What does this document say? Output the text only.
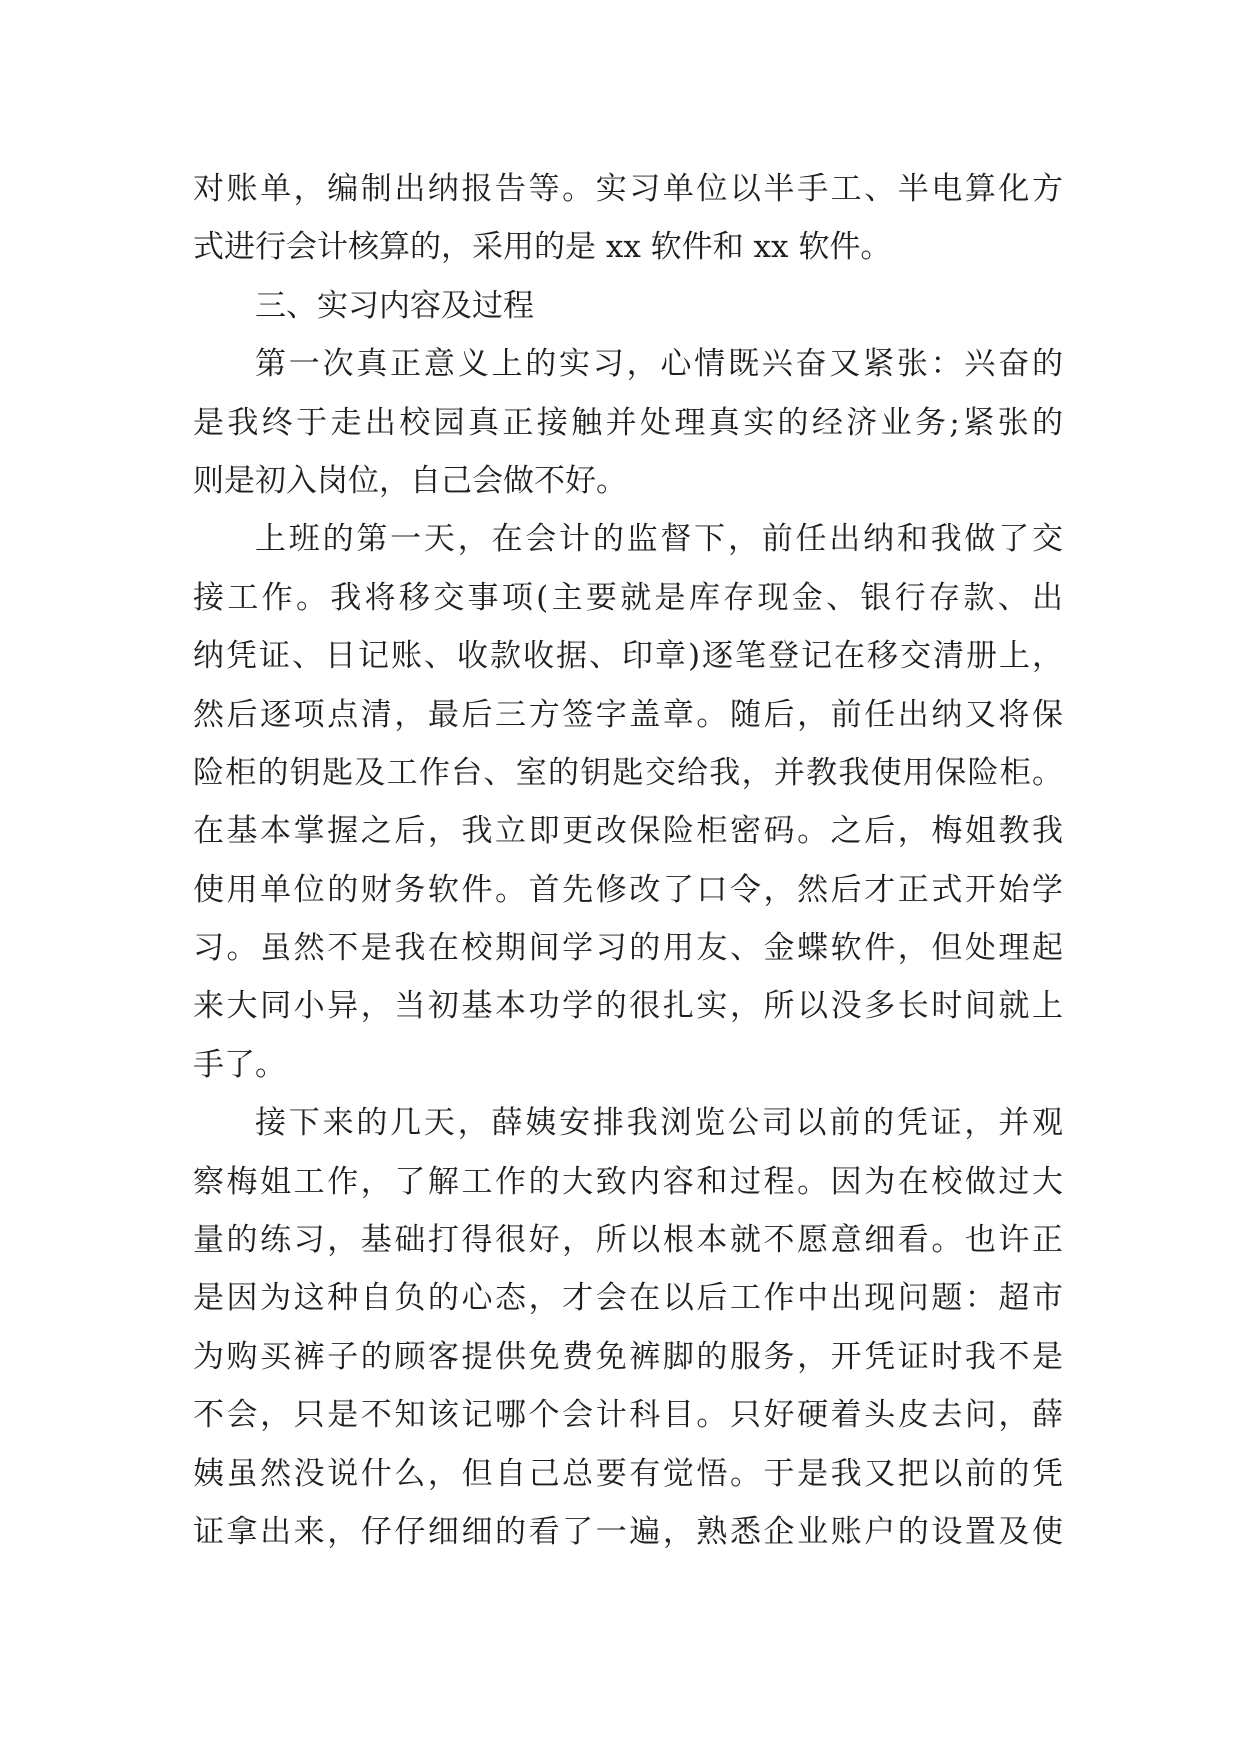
对账单，编制出纳报告等。实习单位以半手工、半电算化方
式进行会计核算的，采用的是 xx 软件和 xx 软件。
三、实习内容及过程
第一次真正意义上的实习，心情既兴奋又紧张：兴奋的
是我终于走出校园真正接触并处理真实的经济业务;紧张的
则是初入岗位，自己会做不好。
上班的第一天，在会计的监督下，前任出纳和我做了交
接工作。我将移交事项(主要就是库存现金、银行存款、出
纳凭证、日记账、收款收据、印章)逐笔登记在移交清册上，
然后逐项点清，最后三方签字盖章。随后，前任出纳又将保
险柜的钥匙及工作台、室的钥匙交给我，并教我使用保险柜。
在基本掌握之后，我立即更改保险柜密码。之后，梅姐教我
使用单位的财务软件。首先修改了口令，然后才正式开始学
习。虽然不是我在校期间学习的用友、金蝶软件，但处理起
来大同小异，当初基本功学的很扎实，所以没多长时间就上
手了。
接下来的几天，薛姨安排我浏览公司以前的凭证，并观
察梅姐工作，了解工作的大致内容和过程。因为在校做过大
量的练习，基础打得很好，所以根本就不愿意细看。也许正
是因为这种自负的心态，才会在以后工作中出现问题：超市
为购买裤子的顾客提供免费免裤脚的服务，开凭证时我不是
不会，只是不知该记哪个会计科目。只好硬着头皮去问，薛
姨虽然没说什么，但自己总要有觉悟。于是我又把以前的凭
证拿出来，仔仔细细的看了一遍，熟悉企业账户的设置及使
